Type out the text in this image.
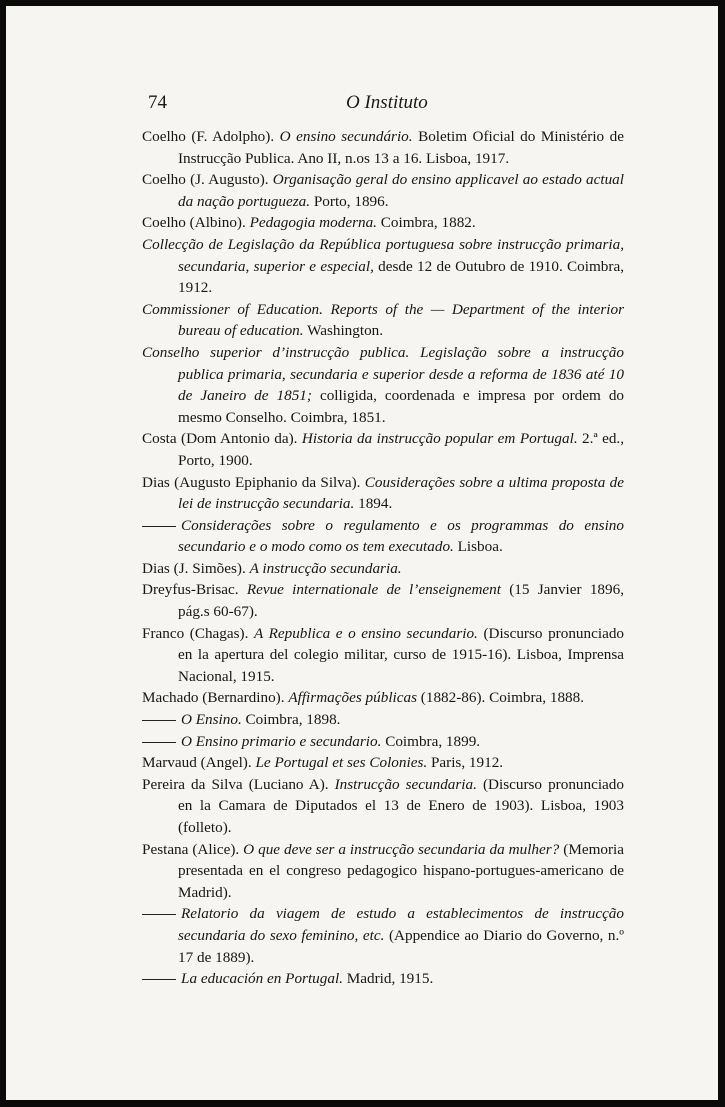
74	O Instituto
Coelho (F. Adolpho). O ensino secundário. Boletim Oficial do Ministério de Instrucção Publica. Ano II, n.os 13 a 16. Lisboa, 1917.
Coelho (J. Augusto). Organisação geral do ensino applicavel ao estado actual da nação portugueza. Porto, 1896.
Coelho (Albino). Pedagogia moderna. Coimbra, 1882.
Collecção de Legislação da República portuguesa sobre instrucção primaria, secundaria, superior e especial, desde 12 de Outubro de 1910. Coimbra, 1912.
Commissioner of Education. Reports of the — Department of the interior bureau of education. Washington.
Conselho superior d’instrucção publica. Legislação sobre a instrucção publica primaria, secundaria e superior desde a reforma de 1836 até 10 de Janeiro de 1851; colligida, coordenada e impresa por ordem do mesmo Conselho. Coimbra, 1851.
Costa (Dom Antonio da). Historia da instrucção popular em Portugal. 2.ª ed., Porto, 1900.
Dias (Augusto Epiphanio da Silva). Cousiderações sobre a ultima proposta de lei de instrucção secundaria. 1894.
Considerações sobre o regulamento e os programmas do ensino secundario e o modo como os tem executado. Lisboa.
Dias (J. Simões). A instrucção secundaria.
Dreyfus-Brisac. Revue internationale de l’enseignement (15 Janvier 1896, pág.s 60-67).
Franco (Chagas). A Republica e o ensino secundario. (Discurso pronunciado en la apertura del colegio militar, curso de 1915-16). Lisboa, Imprensa Nacional, 1915.
Machado (Bernardino). Affirmações públicas (1882-86). Coimbra, 1888.
O Ensino. Coimbra, 1898.
O Ensino primario e secundario. Coimbra, 1899.
Marvaud (Angel). Le Portugal et ses Colonies. Paris, 1912.
Pereira da Silva (Luciano A). Instrucção secundaria. (Discurso pronunciado en la Camara de Diputados el 13 de Enero de 1903). Lisboa, 1903 (folleto).
Pestana (Alice). O que deve ser a instrucção secundaria da mulher? (Memoria presentada en el congreso pedagogico hispano-portugues-americano de Madrid).
Relatorio da viagem de estudo a establecimentos de instrucção secundaria do sexo feminino, etc. (Appendice ao Diario do Governo, n.º 17 de 1889).
La educación en Portugal. Madrid, 1915.
